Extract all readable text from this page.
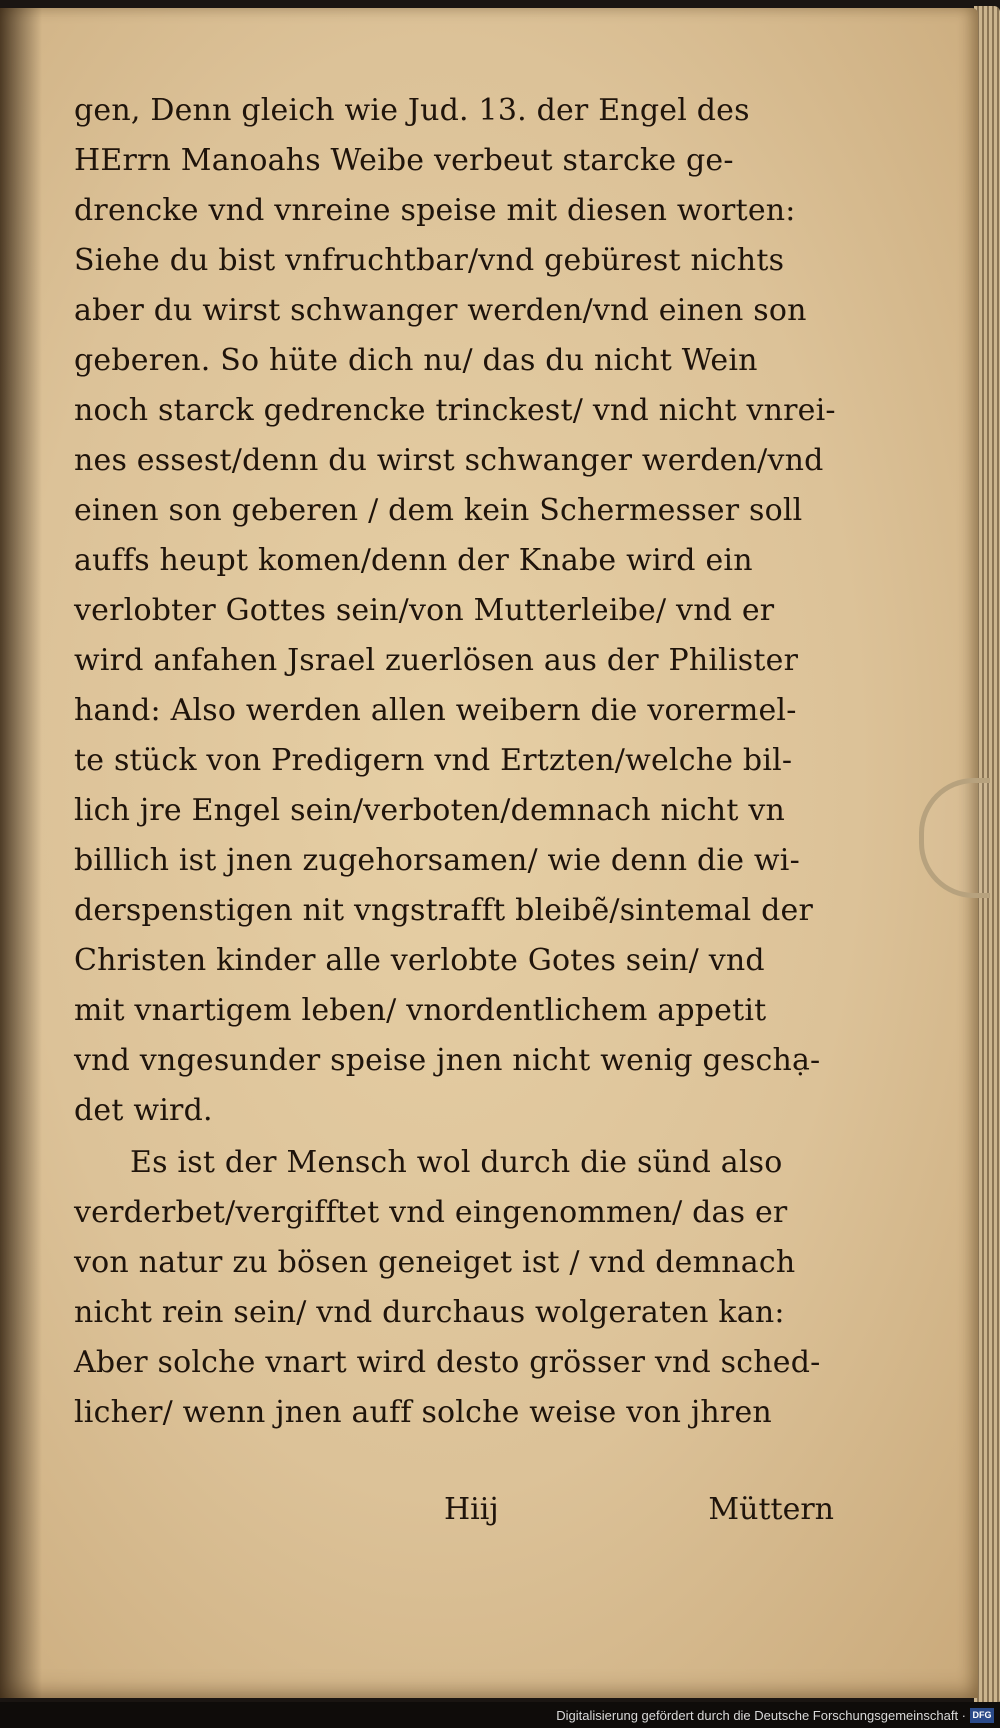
gen, Denn gleich wie Jud. 13. der Engel des
HErrn Manoahs Weibe verbeut starcke ge-
drencke vnd vnreine speise mit diesen worten:
Siehe du bist vnfruchtbar/vnd gebürest nichts
aber du wirst schwanger werden/vnd einen son
geberen. So hüte dich nu/ das du nicht Wein
noch starck gedrencke trinckest/ vnd nicht vnrei-
nes essest/denn du wirst schwanger werden/vnd
einen son geberen / dem kein Schermesser soll
auffs heupt komen/denn der Knabe wird ein
verlobter Gottes sein/von Mutterleibe/ vnd er
wird anfahen Jsrael zuerlösen aus der Philister
hand: Also werden allen weibern die vorermel-
te stück von Predigern vnd Ertzten/welche bil-
lich jre Engel sein/verboten/demnach nicht vn
billich ist jnen zugehorsamen/ wie denn die wi-
derspenstigen nit vngstrafft bleibẽ/sintemal der
Christen kinder alle verlobte Gotes sein/ vnd
mit vnartigem leben/ vnordentlichem appetit
vnd vngesunder speise jnen nicht wenig geschạ-
det wird.
Es ist der Mensch wol durch die sünd also
verderbet/vergifftet vnd eingenommen/ das er
von natur zu bösen geneiget ist / vnd demnach
nicht rein sein/ vnd durchaus wolgeraten kan:
Aber solche vnart wird desto grösser vnd sched-
licher/ wenn jnen auff solche weise von jhren
Hiij	Müttern
Digitalisierung gefördert durch die Deutsche Forschungsgemeinschaft · DFG
